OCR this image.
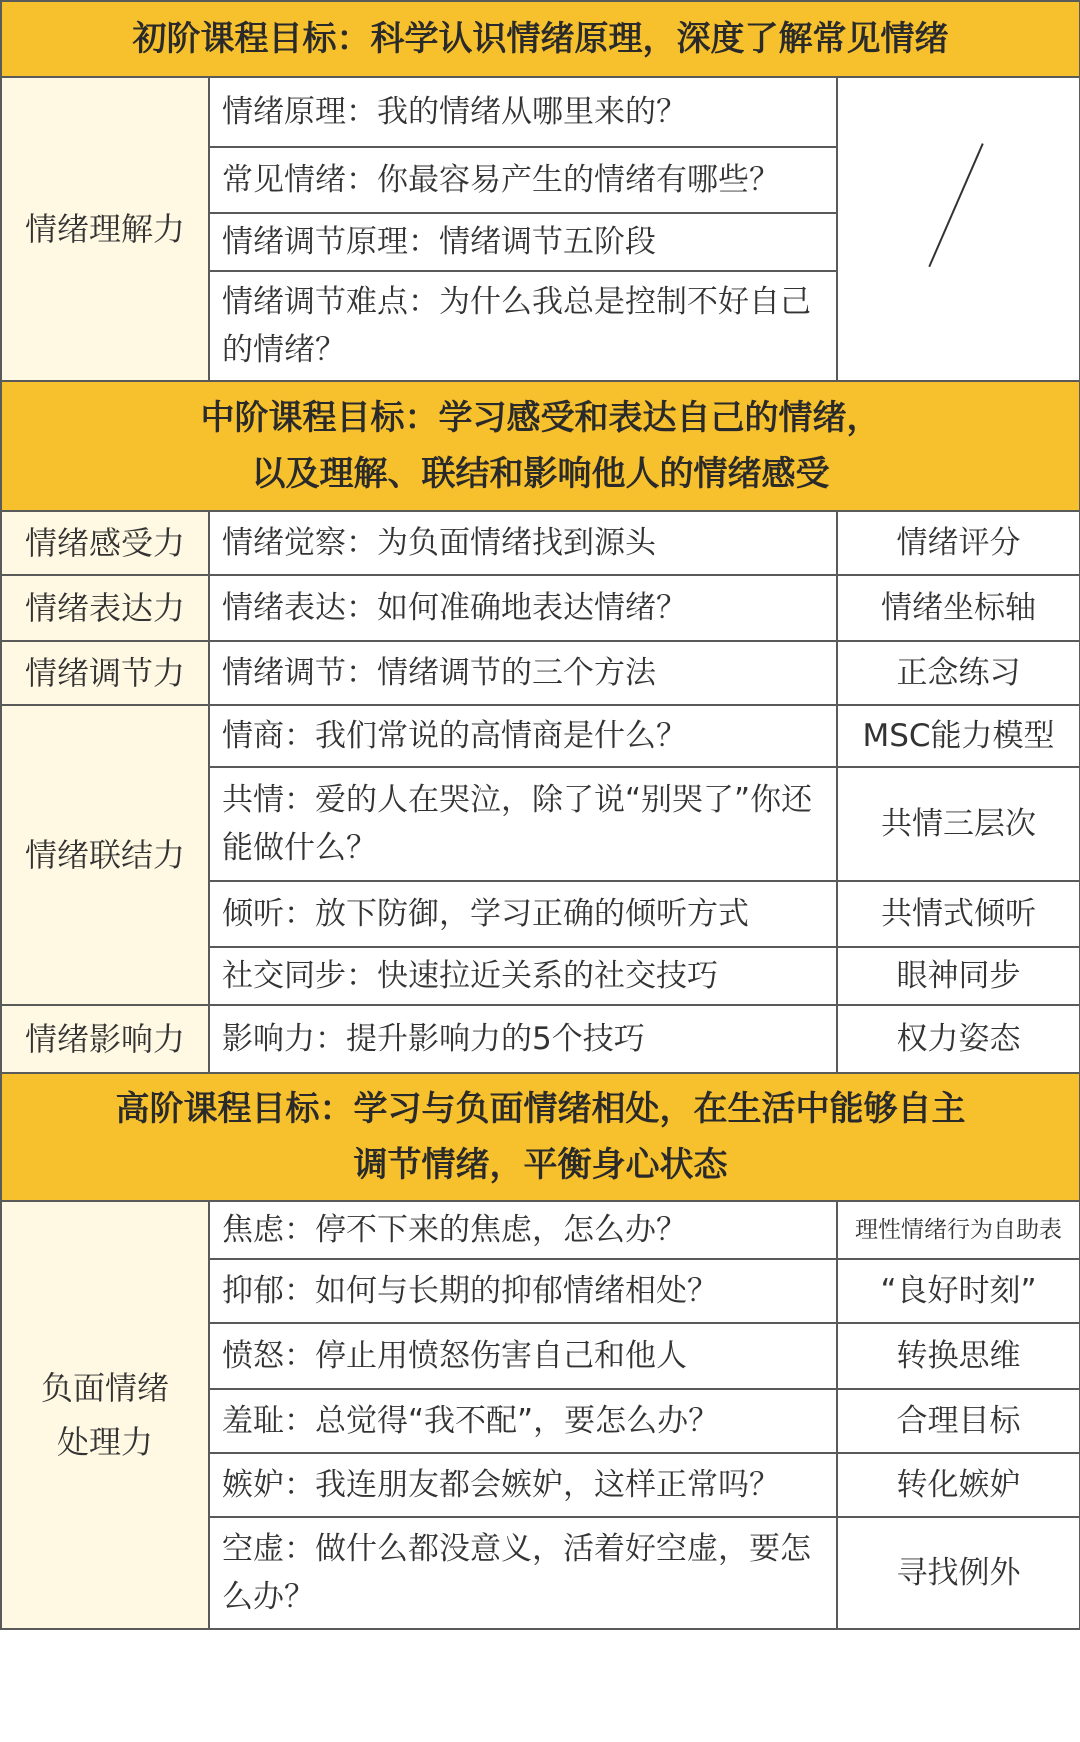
初阶课程目标：科学认识情绪原理，深度了解常见情绪		
情绪理解力	情绪原理：我的情绪从哪里来的？	

	常见情绪：你最容易产生的情绪有哪些？	
	情绪调节原理：情绪调节五阶段	
	情绪调节难点：为什么我总是控制不好自己的情绪？	

中阶课程目标：学习感受和表达自己的情绪，
以及理解、联结和影响他人的情绪感受		

情绪感受力	情绪觉察：为负面情绪找到源头	情绪评分
情绪表达力	情绪表达：如何准确地表达情绪？	情绪坐标轴
情绪调节力	情绪调节：情绪调节的三个方法	正念练习
情绪联结力	情商：我们常说的高情商是什么？	MSC能力模型
	共情：爱的人在哭泣，除了说“别哭了”你还能做什么？	共情三层次
	倾听：放下防御，学习正确的倾听方式	共情式倾听
	社交同步：快速拉近关系的社交技巧	眼神同步
情绪影响力	影响力：提升影响力的5个技巧	权力姿态

高阶课程目标：学习与负面情绪相处，在生活中能够自主
调节情绪，平衡身心状态		

负面情绪
处理力	焦虑：停不下来的焦虑，怎么办？	理性情绪行为自助表
	抑郁：如何与长期的抑郁情绪相处？	“良好时刻”
	愤怒：停止用愤怒伤害自己和他人	转换思维
	羞耻：总觉得“我不配”，要怎么办？	合理目标
	嫉妒：我连朋友都会嫉妒，这样正常吗？	转化嫉妒
	空虚：做什么都没意义，活着好空虚，要怎么办？	寻找例外
